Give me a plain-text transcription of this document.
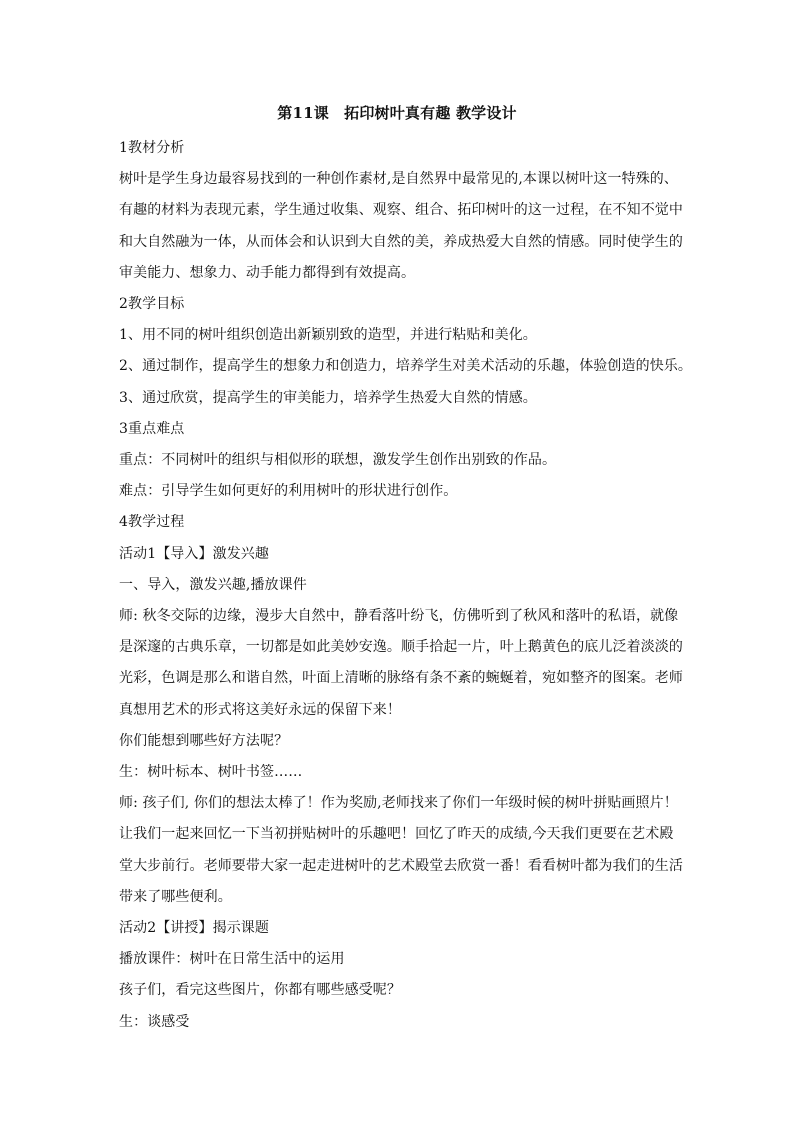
第11课　拓印树叶真有趣 教学设计

1教材分析

树叶是学生身边最容易找到的一种创作素材,是自然界中最常见的,本课以树叶这一特殊的、

有趣的材料为表现元素，学生通过收集、观察、组合、拓印树叶的这一过程，在不知不觉中

和大自然融为一体，从而体会和认识到大自然的美，养成热爱大自然的情感。同时使学生的

审美能力、想象力、动手能力都得到有效提高。

2教学目标

1、用不同的树叶组织创造出新颖别致的造型，并进行粘贴和美化。

2、通过制作，提高学生的想象力和创造力，培养学生对美术活动的乐趣，体验创造的快乐。

3、通过欣赏，提高学生的审美能力，培养学生热爱大自然的情感。

3重点难点

重点：不同树叶的组织与相似形的联想，激发学生创作出别致的作品。

难点：引导学生如何更好的利用树叶的形状进行创作。

4教学过程

活动1【导入】激发兴趣

一、导入，激发兴趣,播放课件

师: 秋冬交际的边缘，漫步大自然中，静看落叶纷飞，仿佛听到了秋风和落叶的私语，就像

是深邃的古典乐章，一切都是如此美妙安逸。顺手拾起一片，叶上鹅黄色的底儿泛着淡淡的

光彩，色调是那么和谐自然，叶面上清晰的脉络有条不紊的蜿蜒着，宛如整齐的图案。老师

真想用艺术的形式将这美好永远的保留下来！

你们能想到哪些好方法呢？

生：树叶标本、树叶书签……

师: 孩子们, 你们的想法太棒了！作为奖励,老师找来了你们一年级时候的树叶拼贴画照片！

让我们一起来回忆一下当初拼贴树叶的乐趣吧！回忆了昨天的成绩,今天我们更要在艺术殿

堂大步前行。老师要带大家一起走进树叶的艺术殿堂去欣赏一番！看看树叶都为我们的生活

带来了哪些便利。

活动2【讲授】揭示课题

播放课件：树叶在日常生活中的运用

孩子们，看完这些图片，你都有哪些感受呢？

生：谈感受
